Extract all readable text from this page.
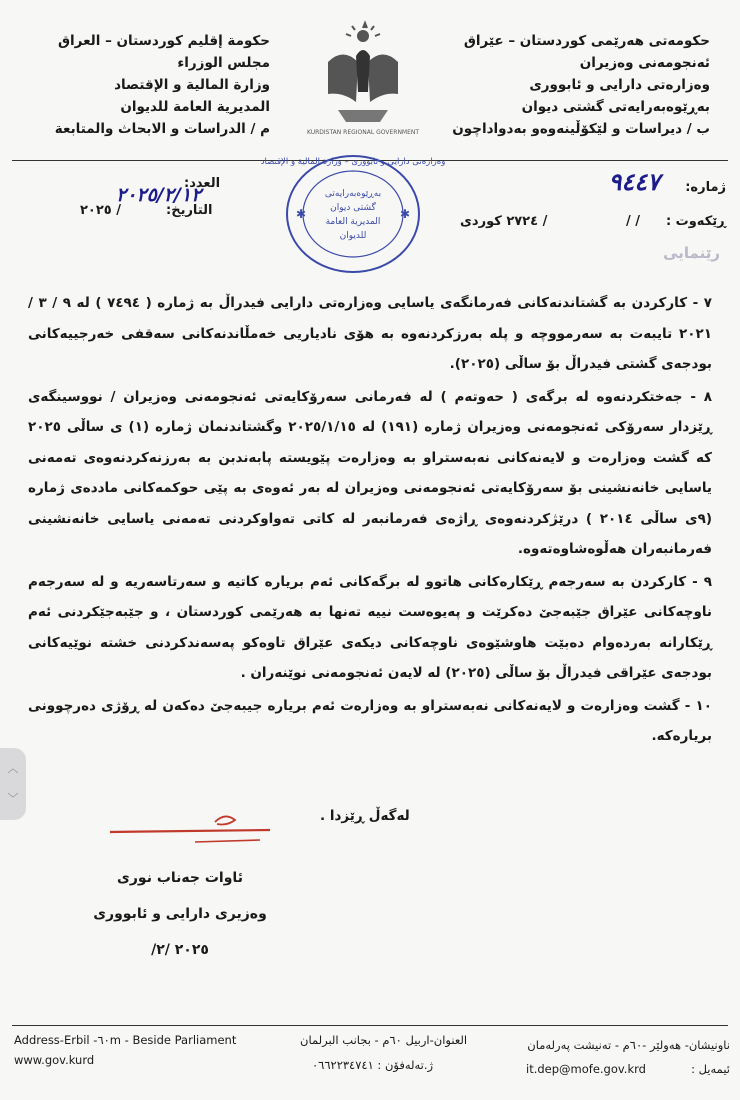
حکومەتی هەرێمی کوردستان – عێراق
ئەنجومەنی وەزیران
وەزارەتی دارایی و ئابووری
بەڕێوەبەرایەتی گشتی دیوان
ب / دیراسات و لێکۆڵینەوەو بەدواداچون
حكومة إقليم كوردستان – العراق
مجلس الوزراء
وزارة المالية و الإقتصاد
المديرية العامة للديوان
م / الدراسات و الابحاث والمتابعة	KURDISTAN REGIONAL GOVERNMENT
ژمارە:
٩٤٤٧
ڕێکەوت :
/ /
/ ٢٧٢٤ کوردی
رێنمایی
العدد:
التاريخ:
/ ٢٠٢٥
٢٠٢٥/٢/١٢
✱	✱
وەزارەتی دارایی و ئابووری – وزارة المالية و الإقتصاد
بەڕێوەبەرایەتی
گشتی دیوان
المديرية العامة
للديوان

٧ - کارکردن بە گشتاندنەکانی فەرمانگەی یاسایی وەزارەتی دارایی فیدراڵ بە ژمارە ( ٧٤٩٤ ) لە ٩ / ٣ / ٢٠٢١ تایبەت بە سەرمووچە و پلە بەرزکردنەوە بە هۆی نادیاریی خەمڵاندنەکانی سەقفی خەرجییەکانی بودجەی گشتی فیدراڵ بۆ ساڵی (٢٠٢٥).

٨ - جەختکردنەوە لە برگەی ( حەوتەم ) لە فەرمانی سەرۆکایەتی ئەنجومەنی وەزیران / نووسینگەی ڕێزدار سەرۆکی ئەنجومەنی وەزیران ژمارە (١٩١) لە ٢٠٢٥/١/١٥ وگشتاندنمان ژمارە (١) ی ساڵی ٢٠٢٥ کە گشت وەزارەت و لایەنەکانی نەبەستراو بە وەزارەت پێویستە پابەندبن بە بەرزنەکردنەوەی تەمەنی یاسایی خانەنشینی بۆ سەرۆکایەتی ئەنجومەنی وەزیران لە بەر ئەوەی بە پێی حوکمەکانی ماددەی ژمارە (٩ی ساڵی ٢٠١٤ ) درێژکردنەوەی ڕاژەی فەرمانبەر لە کاتی تەواوکردنی تەمەنی یاسایی خانەنشینی فەرمانبەران هەڵوەشاوەتەوە.

٩ - کارکردن بە سەرجەم ڕێکارەکانی هاتوو لە برگەکانی ئەم بریارە کاتیە و سەرتاسەریە و لە سەرجەم ناوچەکانی عێراق جێبەجێ دەکرێت و پەیوەست نییە تەنها بە هەرێمی کوردستان ، و جێبەجێکردنی ئەم ڕێکارانە بەردەوام دەبێت هاوشێوەی ناوچەکانی دیکەی عێراق تاوەکو پەسەندکردنی خشتە نوێیەکانی بودجەی عێراقی فیدراڵ بۆ ساڵی (٢٠٢٥) لە لایەن ئەنجومەنی نوێنەران .

١٠ - گشت وەزارەت و لایەنەکانی نەبەستراو بە وەزارەت ئەم بریارە جیبەجێ دەکەن لە ڕۆژی دەرچوونی بریارەکە.

لەگەڵ ڕێزدا .
ئاوات جەناب نوری
وەزیری دارایی و ئابووری
٢٠٢٥ /٢/
Address-Erbil -٦٠m - Beside Parliament
www.gov.kurd
العنوان-اربيل ٦٠م - بجانب البرلمان
ژ.تەلەفۆن : ٠٦٦٢٢٣٤٧٤١
ناونیشان- هەولێر -٦٠م - تەنیشت پەرلەمان
ئیمەیل :
it.dep@mofe.gov.krd
︿
﹀
